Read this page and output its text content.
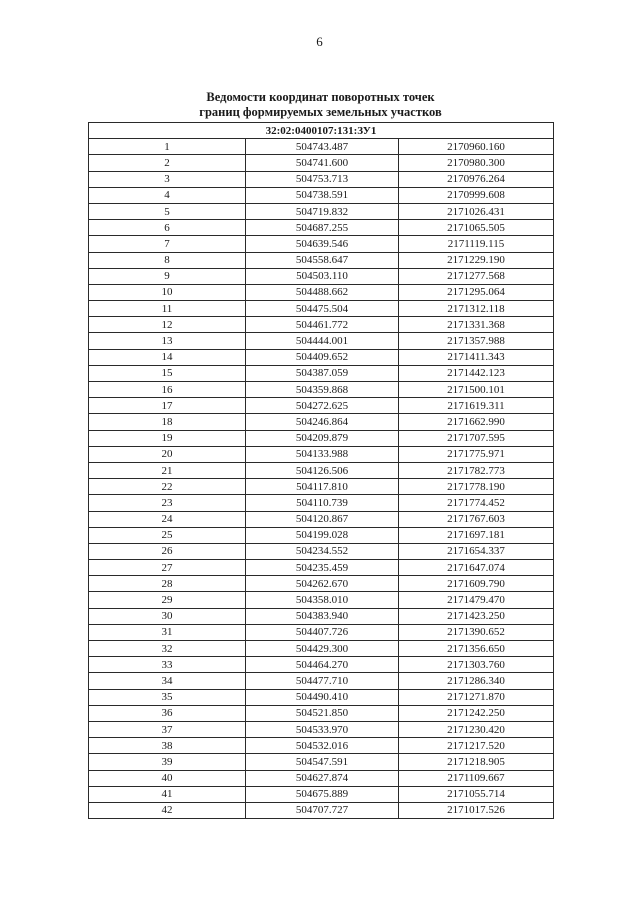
6
Ведомости координат поворотных точек
границ формируемых земельных участков
32:02:0400107:131:ЗУ1		
1	504743.487	2170960.160
2	504741.600	2170980.300
3	504753.713	2170976.264
4	504738.591	2170999.608
5	504719.832	2171026.431
6	504687.255	2171065.505
7	504639.546	2171119.115
8	504558.647	2171229.190
9	504503.110	2171277.568
10	504488.662	2171295.064
11	504475.504	2171312.118
12	504461.772	2171331.368
13	504444.001	2171357.988
14	504409.652	2171411.343
15	504387.059	2171442.123
16	504359.868	2171500.101
17	504272.625	2171619.311
18	504246.864	2171662.990
19	504209.879	2171707.595
20	504133.988	2171775.971
21	504126.506	2171782.773
22	504117.810	2171778.190
23	504110.739	2171774.452
24	504120.867	2171767.603
25	504199.028	2171697.181
26	504234.552	2171654.337
27	504235.459	2171647.074
28	504262.670	2171609.790
29	504358.010	2171479.470
30	504383.940	2171423.250
31	504407.726	2171390.652
32	504429.300	2171356.650
33	504464.270	2171303.760
34	504477.710	2171286.340
35	504490.410	2171271.870
36	504521.850	2171242.250
37	504533.970	2171230.420
38	504532.016	2171217.520
39	504547.591	2171218.905
40	504627.874	2171109.667
41	504675.889	2171055.714
42	504707.727	2171017.526
